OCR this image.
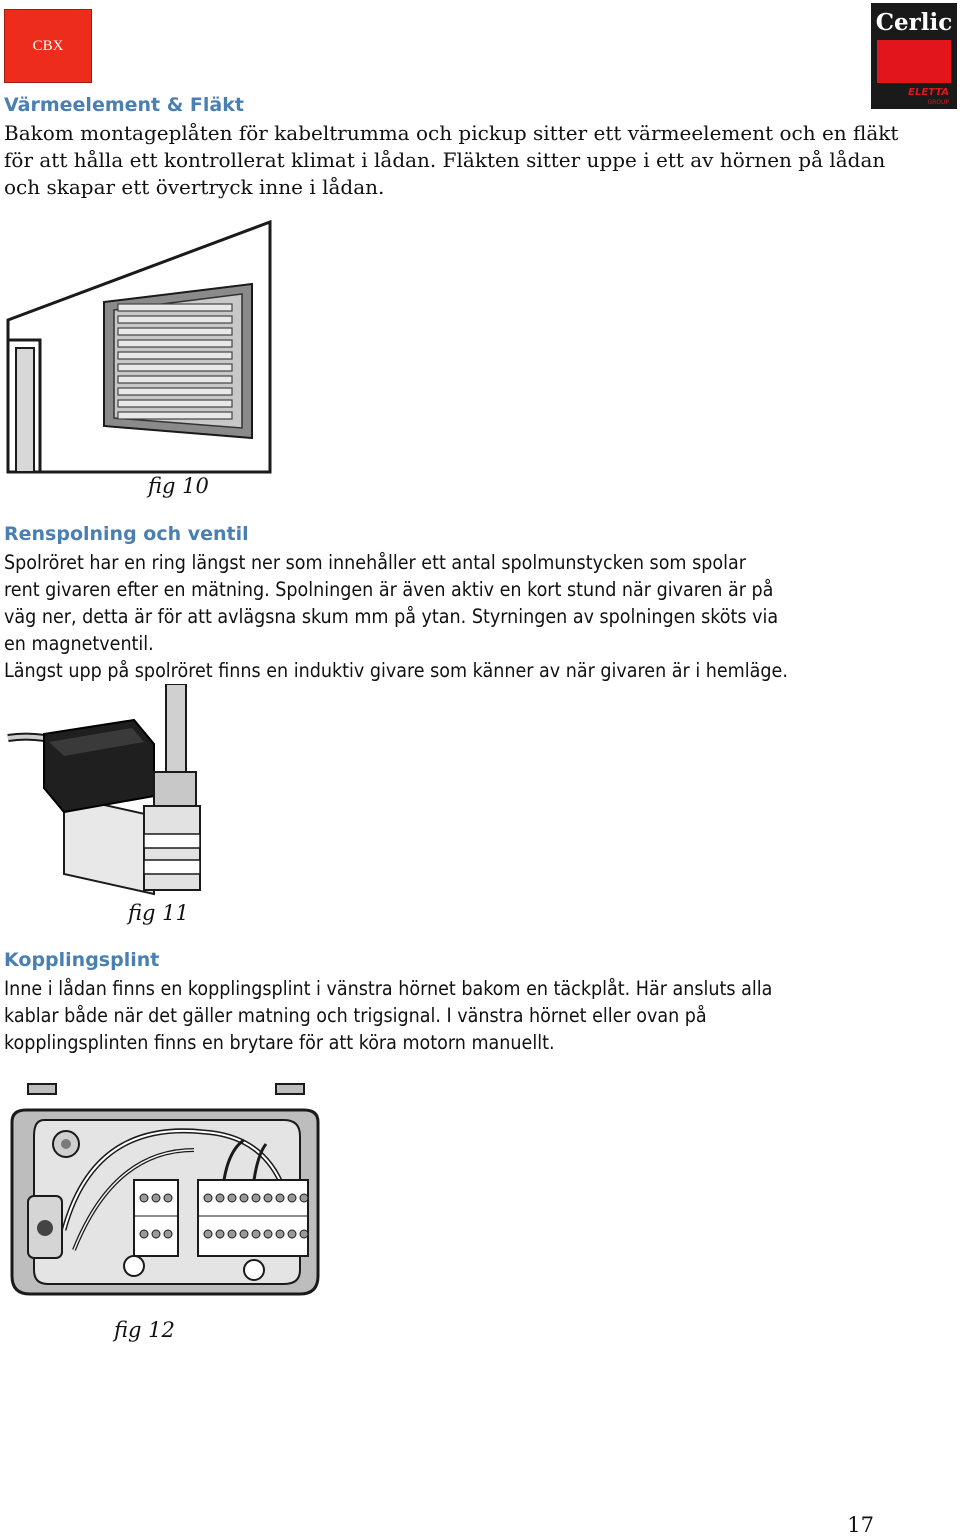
CBX
Cerlic
ELETTA
GROUP
Värmeelement & Fläkt

Bakom montageplåten för kabeltrumma och pickup sitter ett värmeelement och en fläkt
för att hålla ett kontrollerat klimat i lådan. Fläkten sitter uppe i ett av hörnen på lådan
och skapar ett övertryck inne i lådan.

fig 10
Renspolning och ventil

Spolröret har en ring längst ner som innehåller ett antal spolmunstycken som spolar
rent givaren efter en mätning. Spolningen är även aktiv en kort stund när givaren är på
väg ner, detta är för att avlägsna skum mm på ytan. Styrningen av spolningen sköts via
en magnetventil.
Längst upp på spolröret finns en induktiv givare som känner av när givaren är i hemläge.

fig 11
Kopplingsplint

Inne i lådan finns en kopplingsplint i vänstra hörnet bakom en täckplåt. Här ansluts alla
kablar både när det gäller matning och trigsignal. I vänstra hörnet eller ovan på
kopplingsplinten finns en brytare för att köra motorn manuellt.

fig 12
17
